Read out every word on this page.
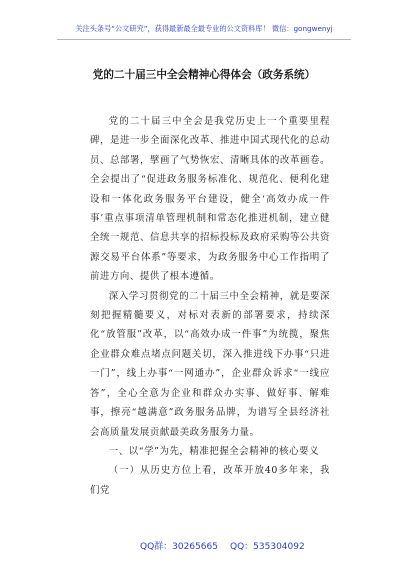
关注头条号“公文研究”，获得最新最全最专业的公文资料库！ 微信：gongwenyj
党的二十届三中全会精神心得体会（政务系统）

党的二十届三中全会是我党历史上一个重要里程碑，是进一步全面深化改革、推进中国式现代化的总动员、总部署，擘画了气势恢宏、清晰具体的改革画卷。全会提出了“促进政务服务标准化、规范化、便利化建设和一体化政务服务平台建设，健全‘高效办成一件事’重点事项清单管理机制和常态化推进机制，建立健全统一规范、信息共享的招标投标及政府采购等公共资源交易平台体系”等要求，为政务服务中心工作指明了前进方向、提供了根本遵循。

深入学习贯彻党的二十届三中全会精神，就是要深刻把握精髓要义，对标对表新的部署要求，持续深化“放管服”改革，以“高效办成一件事”为统揽，聚焦企业群众难点堵点问题关切，深入推进线下办事“只进一门”，线上办事“一网通办”，企业群众诉求“一线应答”，全心全意为企业和群众办实事、做好事、解难事，擦亮“越满意”政务服务品牌，为谱写全县经济社会高质量发展贡献最美政务服务力量。

一、以“学”为先，精准把握全会精神的核心要义

（一）从历史方位上看，改革开放40多年来，我们党

QQ群：30265665 QQ：535304092
